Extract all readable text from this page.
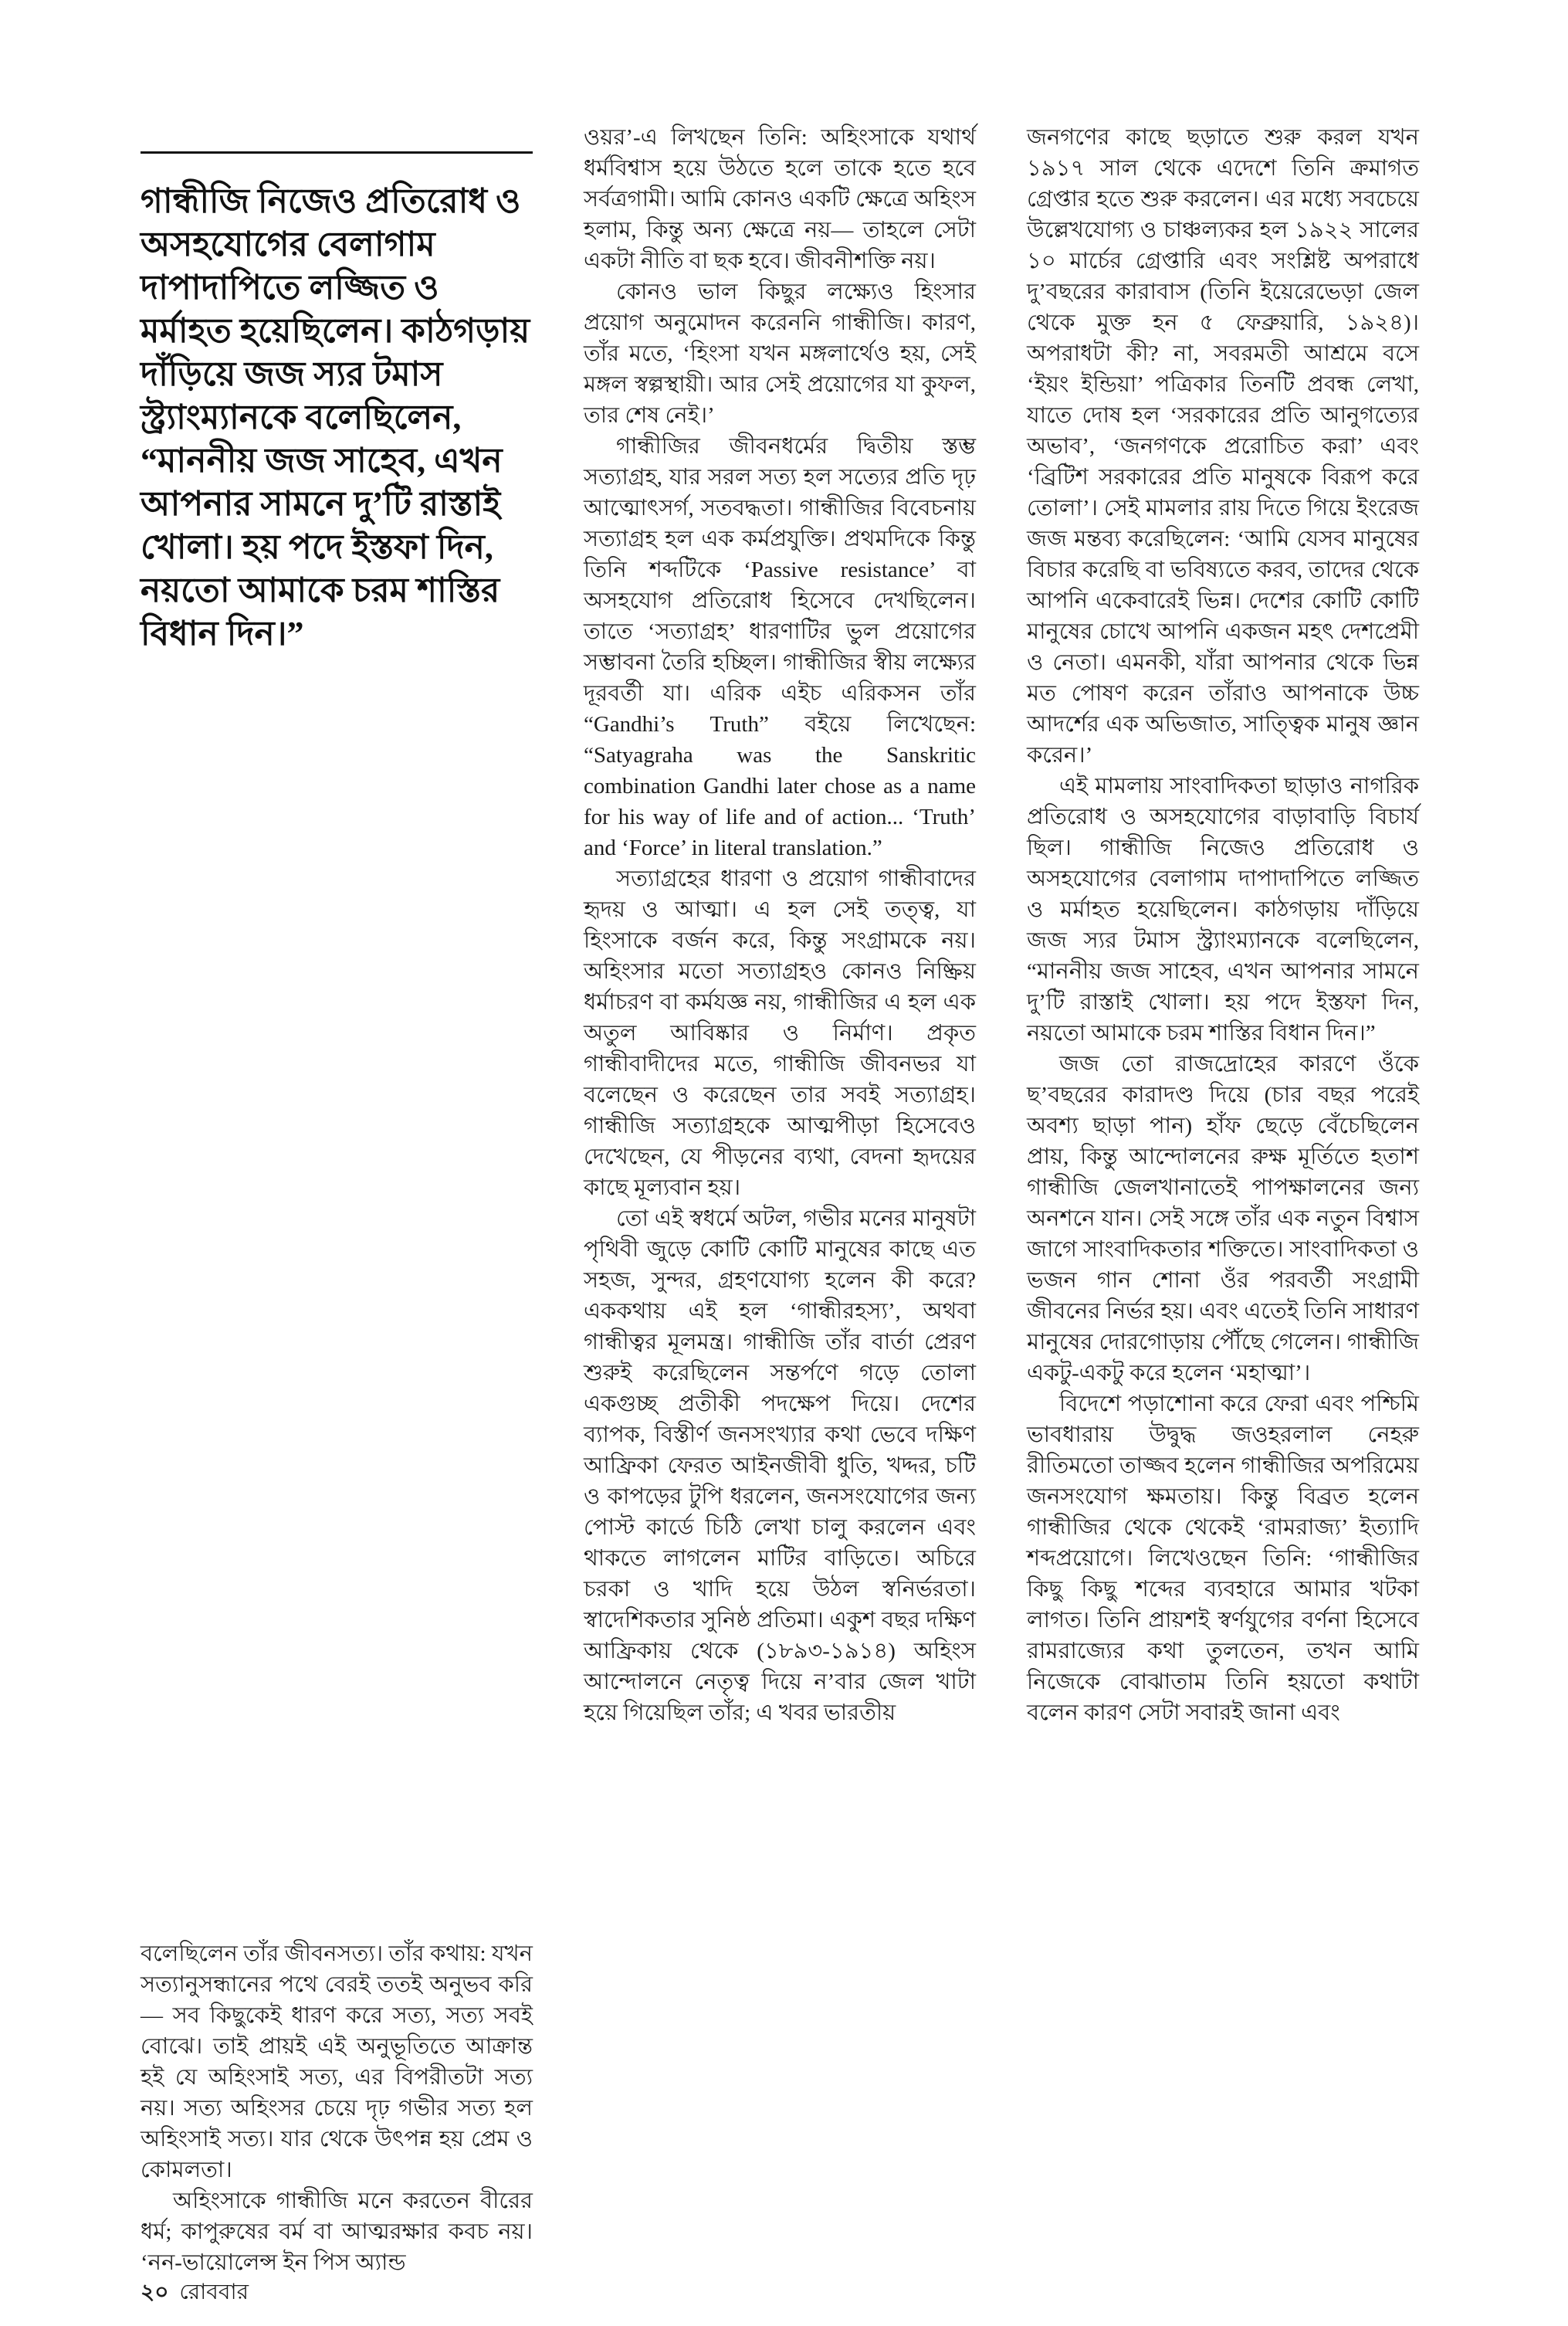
গান্ধীজি নিজেও প্রতিরোধ ও অসহযোগের বেলাগাম দাপাদাপিতে লজ্জিত ও মর্মাহত হয়েছিলেন। কাঠগড়ায় দাঁড়িয়ে জজ স্যর টমাস স্ট্র্যাংম্যানকে বলেছিলেন, “মাননীয় জজ সাহেব, এখন আপনার সামনে দু’টি রাস্তাই খোলা। হয় পদে ইস্তফা দিন, নয়তো আমাকে চরম শাস্তির বিধান দিন।”

বলেছিলেন তাঁর জীবনসত্য। তাঁর কথায়: যখন সত্যানুসন্ধানের পথে বেরই ততই অনুভব করি— সব কিছুকেই ধারণ করে সত্য, সত্য সবই বোঝে। তাই প্রায়ই এই অনুভূতিতে আক্রান্ত হই যে অহিংসাই সত্য, এর বিপরীতটা সত্য নয়। সত্য অহিংসর চেয়ে দৃঢ় গভীর সত্য হল অহিংসাই সত্য। যার থেকে উৎপন্ন হয় প্রেম ও কোমলতা।

অহিংসাকে গান্ধীজি মনে করতেন বীরের ধর্ম; কাপুরুষের বর্ম বা আত্মরক্ষার কবচ নয়। ‘নন-ভায়োলেন্স ইন পিস অ্যান্ড

ওয়র’-এ লিখছেন তিনি: অহিংসাকে যথার্থ ধর্মবিশ্বাস হয়ে উঠতে হলে তাকে হতে হবে সর্বত্রগামী। আমি কোনও একটি ক্ষেত্রে অহিংস হলাম, কিন্তু অন্য ক্ষেত্রে নয়— তাহলে সেটা একটা নীতি বা ছক হবে। জীবনীশক্তি নয়।

কোনও ভাল কিছুর লক্ষ্যেও হিংসার প্রয়োগ অনুমোদন করেননি গান্ধীজি। কারণ, তাঁর মতে, ‘হিংসা যখন মঙ্গলার্থেও হয়, সেই মঙ্গল স্বল্পস্থায়ী। আর সেই প্রয়োগের যা কুফল, তার শেষ নেই।’

গান্ধীজির জীবনধর্মের দ্বিতীয় স্তম্ভ সত্যাগ্রহ, যার সরল সত্য হল সত্যের প্রতি দৃঢ় আত্মোৎসর্গ, সতবদ্ধতা। গান্ধীজির বিবেচনায় সত্যাগ্রহ হল এক কর্মপ্রযুক্তি। প্রথমদিকে কিন্তু তিনি শব্দটিকে ‘Passive resistance’ বা অসহযোগ প্রতিরোধ হিসেবে দেখছিলেন। তাতে ‘সত্যাগ্রহ’ ধারণাটির ভুল প্রয়োগের সম্ভাবনা তৈরি হচ্ছিল। গান্ধীজির স্বীয় লক্ষ্যের দূরবর্তী যা। এরিক এইচ এরিকসন তাঁর “Gandhi’s Truth” বইয়ে লিখেছেন: “Satyagraha was the Sanskritic combination Gandhi later chose as a name for his way of life and of action... ‘Truth’ and ‘Force’ in literal translation.”

সত্যাগ্রহের ধারণা ও প্রয়োগ গান্ধীবাদের হৃদয় ও আত্মা। এ হল সেই তত্ত্ব, যা হিংসাকে বর্জন করে, কিন্তু সংগ্রামকে নয়। অহিংসার মতো সত্যাগ্রহও কোনও নিষ্ক্রিয় ধর্মাচরণ বা কর্মযজ্ঞ নয়, গান্ধীজির এ হল এক অতুল আবিষ্কার ও নির্মাণ। প্রকৃত গান্ধীবাদীদের মতে, গান্ধীজি জীবনভর যা বলেছেন ও করেছেন তার সবই সত্যাগ্রহ। গান্ধীজি সত্যাগ্রহকে আত্মপীড়া হিসেবেও দেখেছেন, যে পীড়নের ব্যথা, বেদনা হৃদয়ের কাছে মূল্যবান হয়।

তো এই স্বধর্মে অটল, গভীর মনের মানুষটা পৃথিবী জুড়ে কোটি কোটি মানুষের কাছে এত সহজ, সুন্দর, গ্রহণযোগ্য হলেন কী করে? এককথায় এই হল ‘গান্ধীরহস্য’, অথবা গান্ধীত্বর মূলমন্ত্র। গান্ধীজি তাঁর বার্তা প্রেরণ শুরুই করেছিলেন সন্তর্পণে গড়ে তোলা একগুচ্ছ প্রতীকী পদক্ষেপ দিয়ে। দেশের ব্যাপক, বিস্তীর্ণ জনসংখ্যার কথা ভেবে দক্ষিণ আফ্রিকা ফেরত আইনজীবী ধুতি, খদ্দর, চটি ও কাপড়ের টুপি ধরলেন, জনসংযোগের জন্য পোস্ট কার্ডে চিঠি লেখা চালু করলেন এবং থাকতে লাগলেন মাটির বাড়িতে। অচিরে চরকা ও খাদি হয়ে উঠল স্বনির্ভরতা। স্বাদেশিকতার সুনিষ্ঠ প্রতিমা। একুশ বছর দক্ষিণ আফ্রিকায় থেকে (১৮৯৩-১৯১৪) অহিংস আন্দোলনে নেতৃত্ব দিয়ে ন’বার জেল খাটা হয়ে গিয়েছিল তাঁর; এ খবর ভারতীয়

জনগণের কাছে ছড়াতে শুরু করল যখন ১৯১৭ সাল থেকে এদেশে তিনি ক্রমাগত গ্রেপ্তার হতে শুরু করলেন। এর মধ্যে সবচেয়ে উল্লেখযোগ্য ও চাঞ্চল্যকর হল ১৯২২ সালের ১০ মার্চের গ্রেপ্তারি এবং সংশ্লিষ্ট অপরাধে দু’বছরের কারাবাস (তিনি ইয়েরেভেড়া জেল থেকে মুক্ত হন ৫ ফেব্রুয়ারি, ১৯২৪)। অপরাধটা কী? না, সবরমতী আশ্রমে বসে ‘ইয়ং ইন্ডিয়া’ পত্রিকার তিনটি প্রবন্ধ লেখা, যাতে দোষ হল ‘সরকারের প্রতি আনুগত্যের অভাব’, ‘জনগণকে প্ররোচিত করা’ এবং ‘ব্রিটিশ সরকারের প্রতি মানুষকে বিরূপ করে তোলা’। সেই মামলার রায় দিতে গিয়ে ইংরেজ জজ মন্তব্য করেছিলেন: ‘আমি যেসব মানুষের বিচার করেছি বা ভবিষ্যতে করব, তাদের থেকে আপনি একেবারেই ভিন্ন। দেশের কোটি কোটি মানুষের চোখে আপনি একজন মহৎ দেশপ্রেমী ও নেতা। এমনকী, যাঁরা আপনার থেকে ভিন্ন মত পোষণ করেন তাঁরাও আপনাকে উচ্চ আদর্শের এক অভিজাত, সাত্ত্বিক মানুষ জ্ঞান করেন।’

এই মামলায় সাংবাদিকতা ছাড়াও নাগরিক প্রতিরোধ ও অসহযোগের বাড়াবাড়ি বিচার্য ছিল। গান্ধীজি নিজেও প্রতিরোধ ও অসহযোগের বেলাগাম দাপাদাপিতে লজ্জিত ও মর্মাহত হয়েছিলেন। কাঠগড়ায় দাঁড়িয়ে জজ স্যর টমাস স্ট্র্যাংম্যানকে বলেছিলেন, “মাননীয় জজ সাহেব, এখন আপনার সামনে দু’টি রাস্তাই খোলা। হয় পদে ইস্তফা দিন, নয়তো আমাকে চরম শাস্তির বিধান দিন।”

জজ তো রাজদ্রোহের কারণে ওঁকে ছ’বছরের কারাদণ্ড দিয়ে (চার বছর পরেই অবশ্য ছাড়া পান) হাঁফ ছেড়ে বেঁচেছিলেন প্রায়, কিন্তু আন্দোলনের রুক্ষ মূর্তিতে হতাশ গান্ধীজি জেলখানাতেই পাপক্ষালনের জন্য অনশনে যান। সেই সঙ্গে তাঁর এক নতুন বিশ্বাস জাগে সাংবাদিকতার শক্তিতে। সাংবাদিকতা ও ভজন গান শোনা ওঁর পরবর্তী সংগ্রামী জীবনের নির্ভর হয়। এবং এতেই তিনি সাধারণ মানুষের দোরগোড়ায় পৌঁছে গেলেন। গান্ধীজি একটু-একটু করে হলেন ‘মহাত্মা’।

বিদেশে পড়াশোনা করে ফেরা এবং পশ্চিমি ভাবধারায় উদ্বুদ্ধ জওহরলাল নেহরু রীতিমতো তাজ্জব হলেন গান্ধীজির অপরিমেয় জনসংযোগ ক্ষমতায়। কিন্তু বিব্রত হলেন গান্ধীজির থেকে থেকেই ‘রামরাজ্য’ ইত্যাদি শব্দপ্রয়োগে। লিখেওছেন তিনি: ‘গান্ধীজির কিছু কিছু শব্দের ব্যবহারে আমার খটকা লাগত। তিনি প্রায়শই স্বর্ণযুগের বর্ণনা হিসেবে রামরাজ্যের কথা তুলতেন, তখন আমি নিজেকে বোঝাতাম তিনি হয়তো কথাটা বলেন কারণ সেটা সবারই জানা এবং

২০ রোববার
